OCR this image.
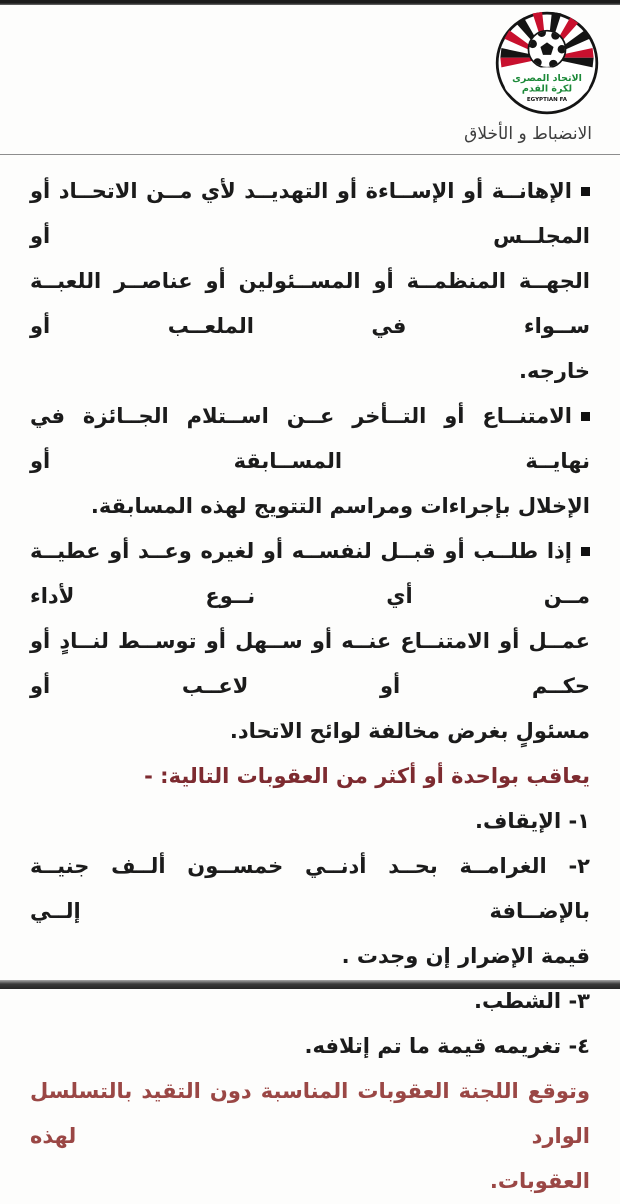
الاتحاد المصرى
لكرة القدم
EGYPTIAN FA
الانضباط و الأخلاق
الإهانــة أو الإســاءة أو التهديــد لأي مــن الاتحــاد أو المجلــس أو
الجهــة المنظمــة أو المســئولين أو عناصــر اللعبــة ســواء في الملعــب أو
خارجه.
الامتنــاع أو التــأخر عــن اســتلام الجــائزة في نهايــة المســابقة أو
الإخلال بإجراءات ومراسم التتويج لهذه المسابقة.
إذا طلــب أو قبــل لنفســه أو لغيره وعــد أو عطيــة مــن أي نــوع لأداء
عمــل أو الامتنــاع عنــه أو ســهل أو توســط لنــادٍ أو حكــم أو لاعــب أو
مسئولٍ بغرض مخالفة لوائح الاتحاد.
يعاقب بواحدة أو أكثر من العقوبات التالية: -
١- الإيقاف.
٢- الغرامــة بحــد أدنــي خمســون ألــف جنيــة بالإضــافة إلــي
قيمة الإضرار إن وجدت .
٣- الشطب.
٤- تغريمه قيمة ما تم إتلافه.
وتوقع اللجنة العقوبات المناسبة دون التقيد بالتسلسل الوارد لهذه
العقوبات.
